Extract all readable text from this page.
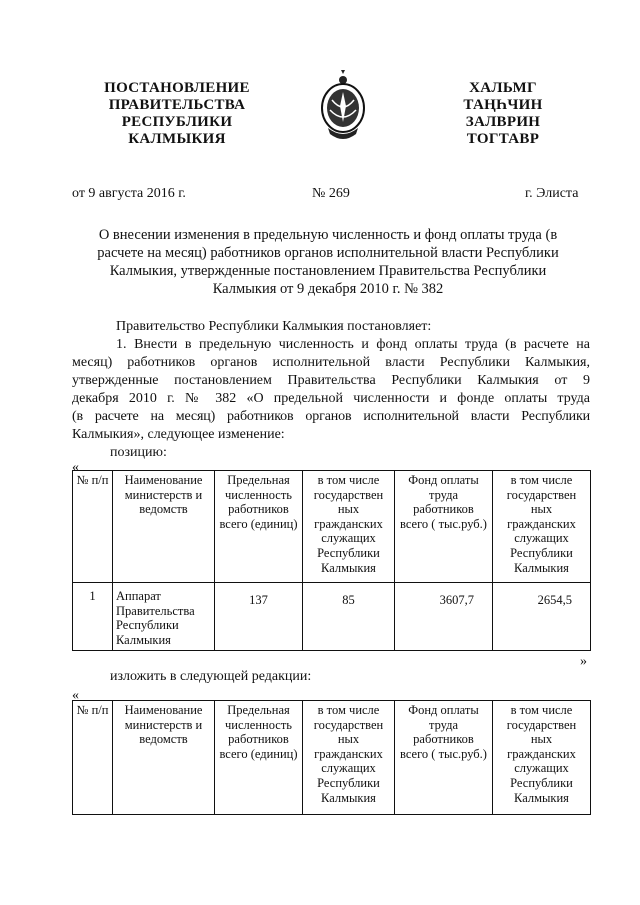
ПОСТАНОВЛЕНИЕ
ПРАВИТЕЛЬСТВА
РЕСПУБЛИКИ
КАЛМЫКИЯ
ХАЛЬМГ
ТАҢҺЧИН
ЗАЛВРИН
ТОГТАВР
от 9 августа 2016 г.	№ 269	г. Элиста
О внесении изменения в предельную численность и фонд оплаты труда (в
расчете на месяц) работников органов исполнительной власти Республики
Калмыкия, утвержденные постановлением Правительства Республики
Калмыкия от 9 декабря 2010 г. № 382
Правительство Республики Калмыкия постановляет:
1. Внести в предельную численность и фонд оплаты труда (в расчете на
месяц) работников органов исполнительной власти Республики Калмыкия,
утвержденные постановлением Правительства Республики Калмыкия от 9
декабря 2010 г. № 382 «О предельной численности и фонде оплаты труда
(в расчете на месяц) работников органов исполнительной власти Республики
Калмыкия», следующее изменение:
позицию:
«
№ п/п	Наименование министерств и ведомств	Предельная численность работников всего (единиц)	в том числе государствен ных гражданских служащих Республики Калмыкия	Фонд оплаты труда работников всего ( тыс.руб.)	в том числе государствен ных гражданских служащих Республики Калмыкия
1	Аппарат
Правительства
Республики
Калмыкия	137	85	3607,7	2654,5
»
изложить в следующей редакции:
«
№ п/п	Наименование министерств и ведомств	Предельная численность работников всего (единиц)	в том числе государствен ных гражданских служащих Республики Калмыкия	Фонд оплаты труда работников всего ( тыс.руб.)	в том числе государствен ных гражданских служащих Республики Калмыкия
